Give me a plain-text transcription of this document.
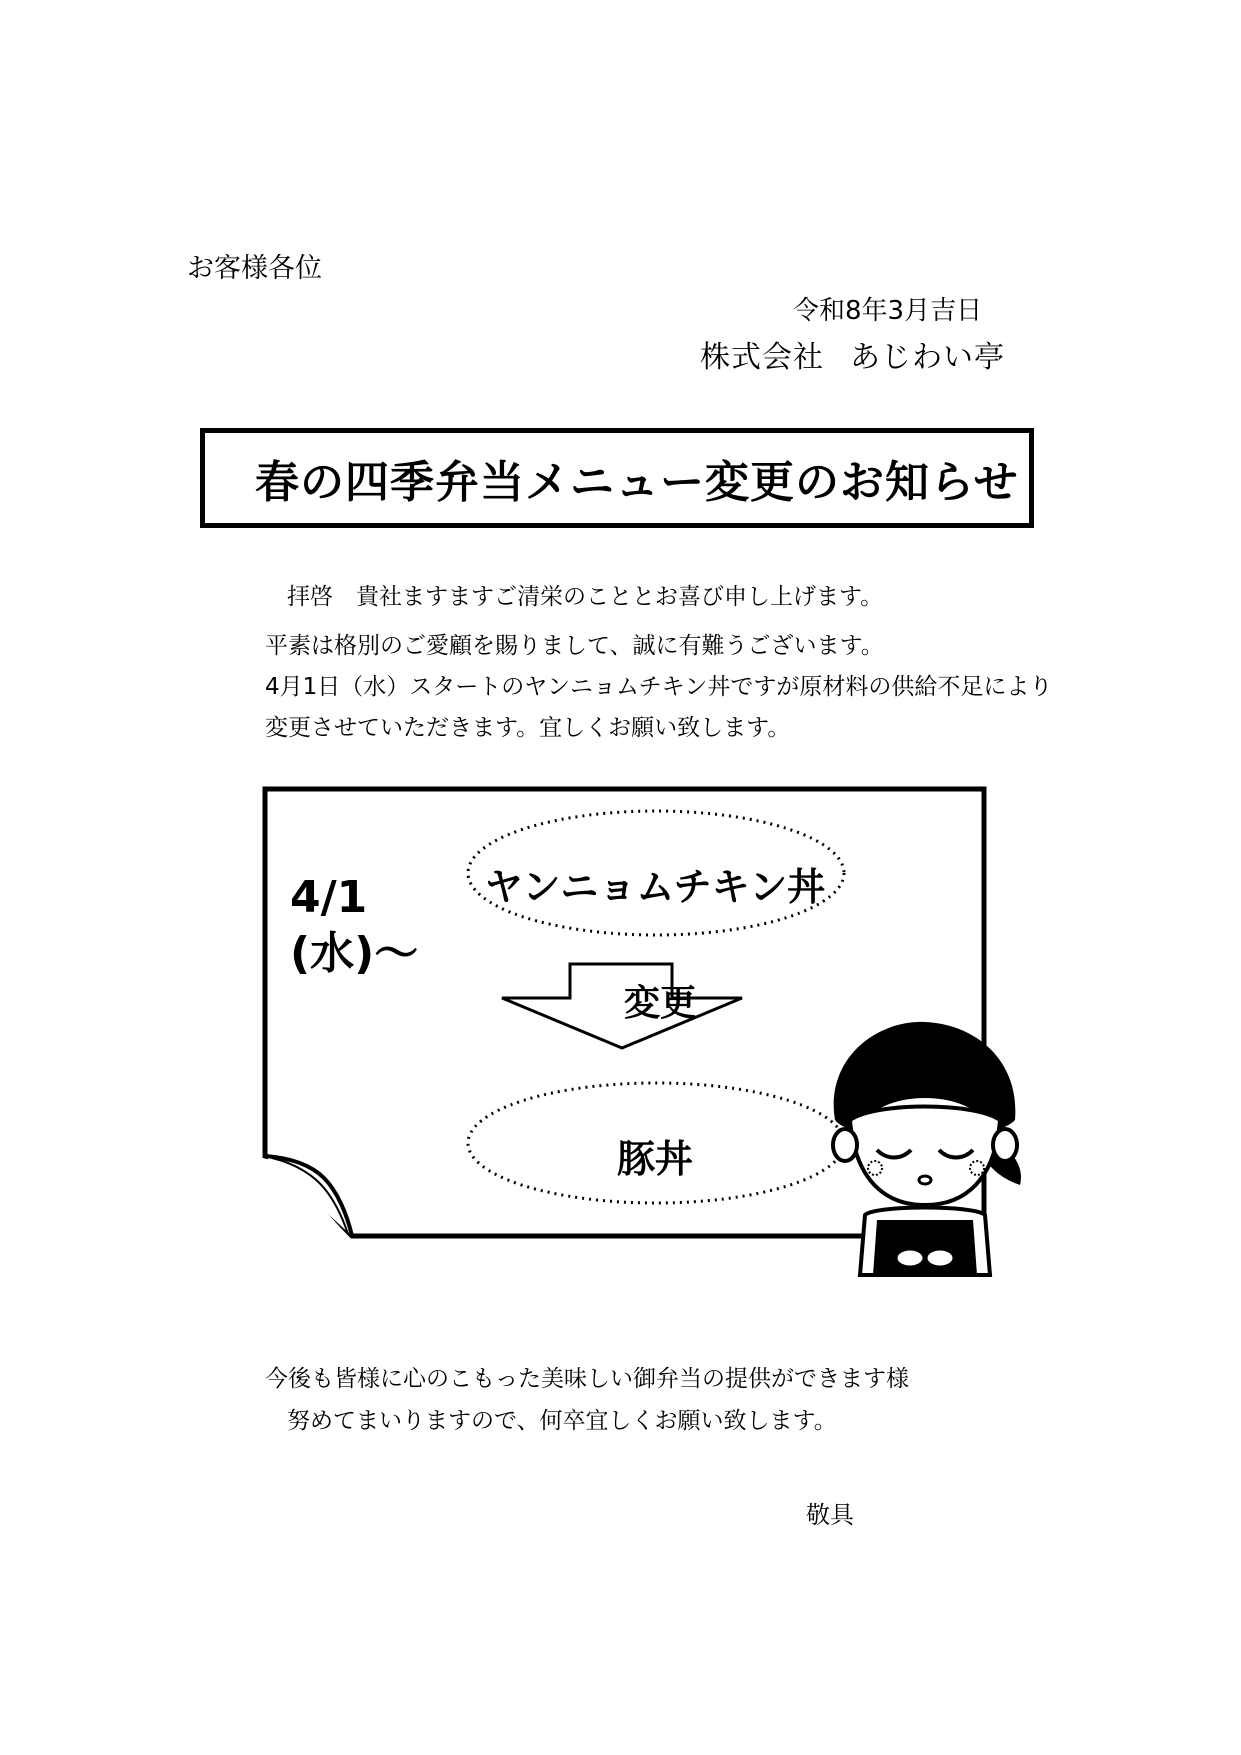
お客様各位
令和8年3月吉日
株式会社 あじわい亭
春の四季弁当メニュー変更のお知らせ
拝啓　貴社ますますご清栄のこととお喜び申し上げます。
平素は格別のご愛顧を賜りまして、誠に有難うございます。
4月1日（水）スタートのヤンニョムチキン丼ですが原材料の供給不足により
変更させていただきます。宜しくお願い致します。
4/1
(水)～
ヤンニョムチキン丼
変更
豚丼
今後も皆様に心のこもった美味しい御弁当の提供ができます様
努めてまいりますので、何卒宜しくお願い致します。
敬具
